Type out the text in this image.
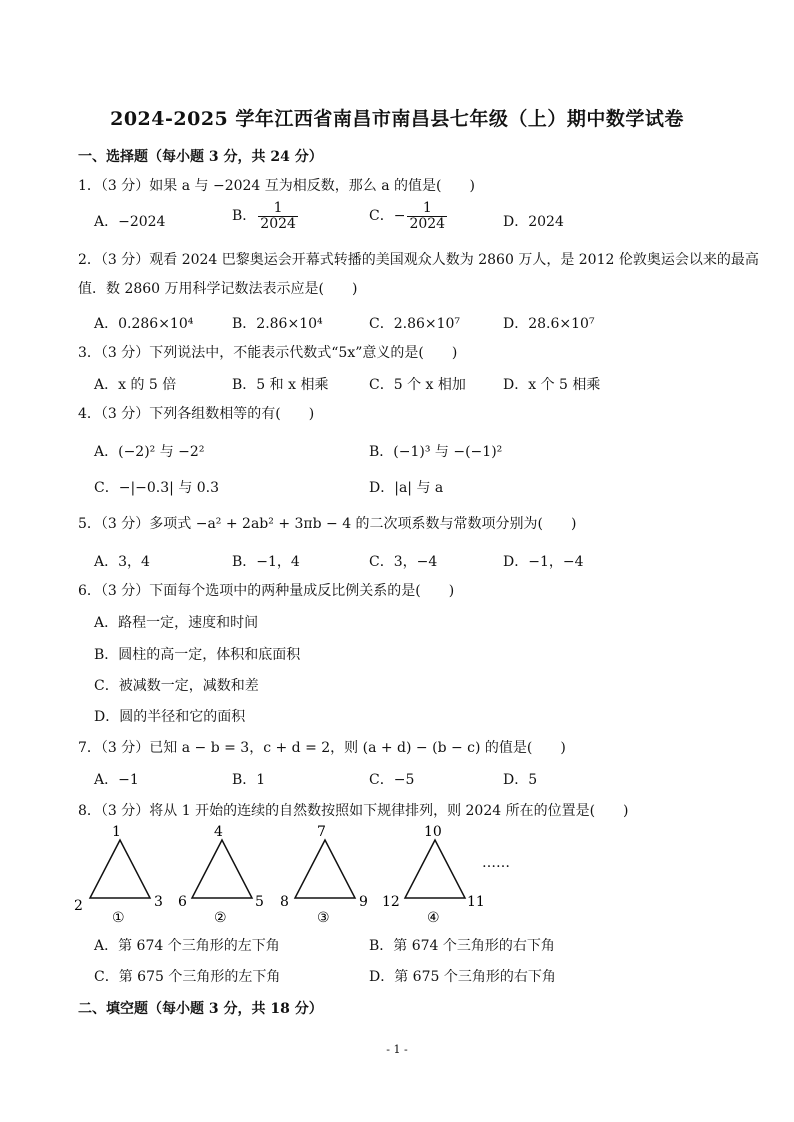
2024-2025 学年江西省南昌市南昌县七年级（上）期中数学试卷
一、选择题（每小题 3 分，共 24 分）
1．（3 分）如果 a 与 −2024 互为相反数，那么 a 的值是(　　)
A．−2024	B． $\frac{1}{2024}$	C．− $\frac{1}{2024}$	D．2024
2．（3 分）观看 2024 巴黎奥运会开幕式转播的美国观众人数为 2860 万人，是 2012 伦敦奥运会以来的最高
值．数 2860 万用科学记数法表示应是(　　)
A．0.286×10⁴	B．2.86×10⁴	C．2.86×10⁷	D．28.6×10⁷
3．（3 分）下列说法中，不能表示代数式“5x”意义的是(　　)
A．x 的 5 倍	B．5 和 x 相乘	C．5 个 x 相加	D．x 个 5 相乘
4．（3 分）下列各组数相等的有(　　)
A．(−2)² 与 −2²	B．(−1)³ 与 −(−1)²
C．−|−0.3| 与 0.3	D．|a| 与 a
5．（3 分）多项式 −a² + 2ab² + 3πb − 4 的二次项系数与常数项分别为(　　)
A．3，4	B．−1，4	C．3，−4	D．−1，−4
6．（3 分）下面每个选项中的两种量成反比例关系的是(　　)
A．路程一定，速度和时间
B．圆柱的高一定，体积和底面积
C．被减数一定，减数和差
D．圆的半径和它的面积
7．（3 分）已知 a − b = 3，c + d = 2，则 (a + d) − (b − c) 的值是(　　)
A．−1	B．1	C．−5	D．5
8．（3 分）将从 1 开始的连续的自然数按照如下规律排列，则 2024 所在的位置是(　　)
1
2	3
①
4
6	5
②
7
8	9
③
10
12	11
④
……
A．第 674 个三角形的左下角	B．第 674 个三角形的右下角
C．第 675 个三角形的左下角	D．第 675 个三角形的右下角
二、填空题（每小题 3 分，共 18 分）
- 1 -
